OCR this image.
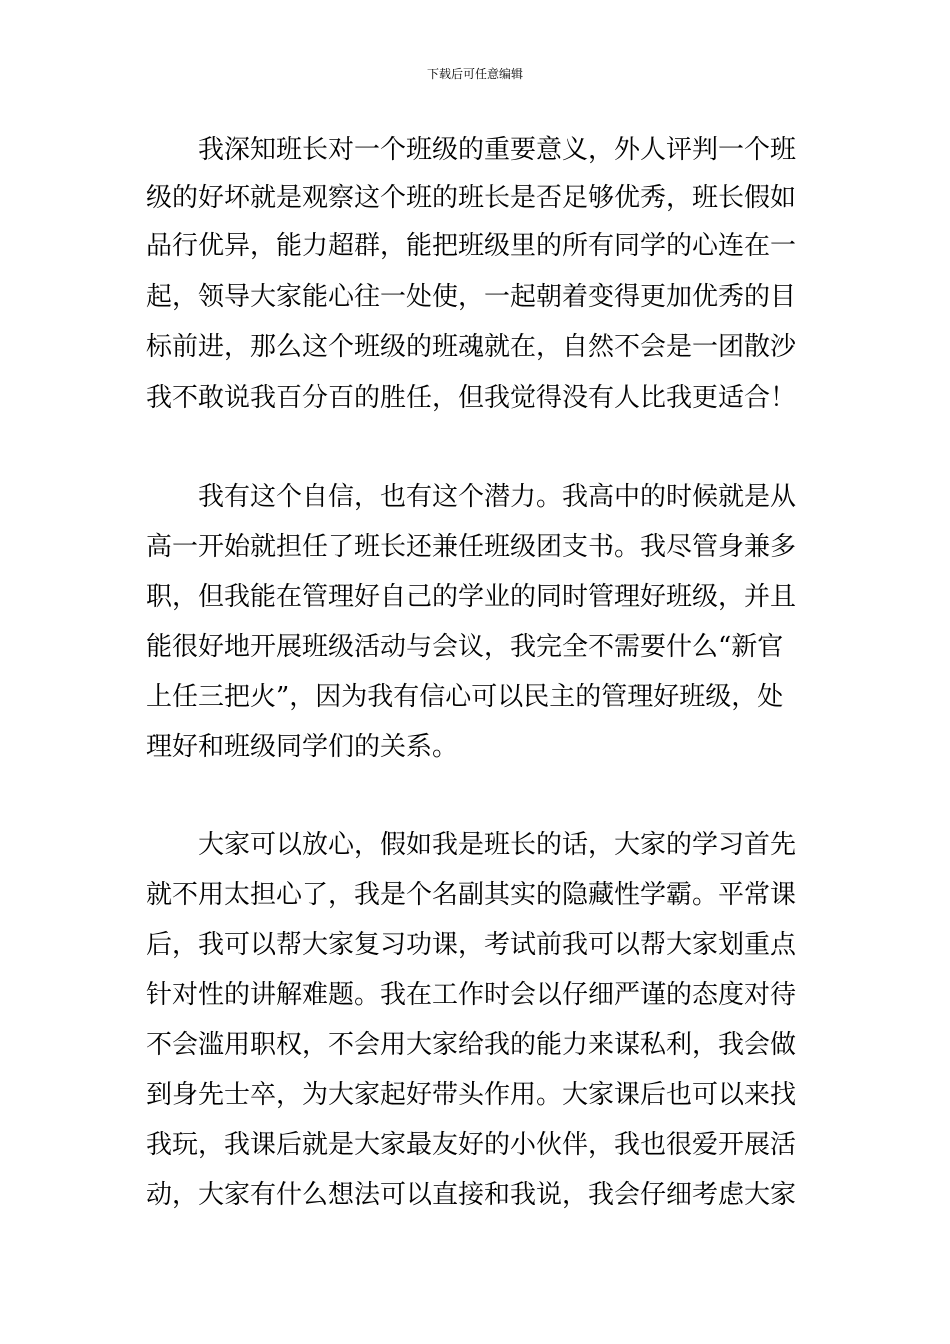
下载后可任意编辑
我深知班长对一个班级的重要意义，外人评判一个班
级的好坏就是观察这个班的班长是否足够优秀，班长假如
品行优异，能力超群，能把班级里的所有同学的心连在一
起，领导大家能心往一处使，一起朝着变得更加优秀的目
标前进，那么这个班级的班魂就在，自然不会是一团散沙
我不敢说我百分百的胜任，但我觉得没有人比我更适合！
我有这个自信，也有这个潜力。我高中的时候就是从
高一开始就担任了班长还兼任班级团支书。我尽管身兼多
职，但我能在管理好自己的学业的同时管理好班级，并且
能很好地开展班级活动与会议，我完全不需要什么“新官
上任三把火”，因为我有信心可以民主的管理好班级，处
理好和班级同学们的关系。
大家可以放心，假如我是班长的话，大家的学习首先
就不用太担心了，我是个名副其实的隐藏性学霸。平常课
后，我可以帮大家复习功课，考试前我可以帮大家划重点
针对性的讲解难题。我在工作时会以仔细严谨的态度对待
不会滥用职权，不会用大家给我的能力来谋私利，我会做
到身先士卒，为大家起好带头作用。大家课后也可以来找
我玩，我课后就是大家最友好的小伙伴，我也很爱开展活
动，大家有什么想法可以直接和我说，我会仔细考虑大家
